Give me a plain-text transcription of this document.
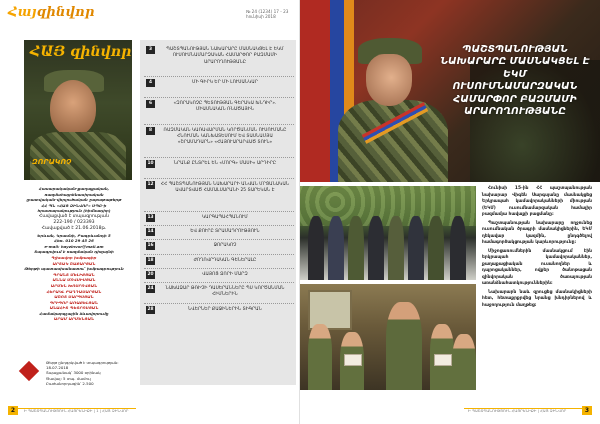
Հայզինվոր	№ 24 (1234) 17 - 23 հունիսի 2018
ՀԱՅ զինվոր
ԶՈՐԱԿՈՉ

Հասարակական-քաղաքական, ռազմահայրենասիրական

լրատվական-վերլուծական շաբաթաթերթ

ՀՀ ՊՆ «ՀԱՅ ԶԻՆՎՈՐ» ՍՊԸ-ի

հրատարակություն (հիմնադիր)

Հավաքված է տպագրության

222-190 / 023393

Հավաքված է 21.06.2018թ.

Երևան, Կրասնի, Բագրևանդի 5

Հեռ. 010 29 45 26

e-mail: hayzinvor@mail.am

Տպագրվում է ռազմական դիզայնի

Գլխավոր խմբագիր

ԱՐՏԱԿ ՇԱՔԱՐՅԱՆ

Թերթի պատասխանատու՝ խմբագրություն

ԳՐԱՆՏ ՄԵԼԻՔՅԱՆ

ԱՆՆԱ ՄՈՎՍԻՍՅԱՆ

ԱՐՄԵՆ ԽՈՍՐՈՎՅԱՆ

ՀԵՐԱԿԼ ԲԱՂԴԱՍԱՐՅԱՆ

ԱՇՈՏ ՍԱՐԳՍՅԱՆ

ԳՐԻԳՈՐ ԱՌԱՔԵԼՅԱՆ

ԱՆԱՀԻՏ ՊԵՏՐՈՍՅԱՆ

Համակարգչային ձևավորումը

ԱՐԱՄ ԱՐՄԵՆՅԱՆ

Թերթ ընդգրկված է տպագրության: 18.07.2018
Տպաքանակ՝ 3000 օրինակ
Ծավալ: 5 տպ. մամուլ
Բաժանորդագին՝ 2.500
3	ՊԱՇՏՊԱՆՈՒԹՅԱՆ ՆԱԽԱՐԱՐԸ ՄԱՍՆԱԿՑԵԼ Է ԵԿՄ ՈՒՍՈՒՄՆԱՄԱՐԶԱԿԱՆ ՀԱՄԱՐՓՈՐ ԲԱԶՄԱՄԻ ԱՐԱՐՈՂՈՒԹՅԱՆԸ
4	ՄԻ ԳԻՐԿ ԵՐ ՄԻ ԼՈՒՍԱՆԿԱՐ
6	«ԶՈՐԱԿՈՉԸ ՊԵՏՈՒԹՅԱՆ ԳԵՐԱԿԱ ԽՆԴԻՐ». ՄԻԱՍՆԱԿԱՆ ՌՆԱԾԱՅԻՆ
8	ՌԱԶՄԱԿԱՆ ԿԱՌԱՎԱՐՄԱՆ ԿՈՐԾԱՆՄԱՆ ՈՒՍՈՒՄԱՆԸ ՀՆՈՒՄԱՆ ԿԱՆԽԱՏԵՍՈՒՄ ԵՎ ՏԱՍՆԱՄՅԱ «ՇՐԱՄԱԴԱՐՆ» «ՀԱՅՈՒԱՐԱՐՎԱԾ ՏՈՒՆ»
10	ՆՐԱՆՔ ԸՆՏՐԵԼ ԵՆ «ՄՈՐԳ» ՄԱՍԻ» ԱՐԴԻՐԸ
12	ՀՀ ՊԱՇՏՊԱՆՈՒԹՅԱՆ ՆԱԽԱՐԱՐԻ ԱՆՎԱՆ ՄՐՑԱՆԱԿԱՆ ԱՎԱՐՏՎԱԾ ՀԱՄԱԼՍԱՐԱՆԻ 25 ՏԱՐԵԿԱՆ Է
13	ԿԱՐԳԱՊԱՀՊԱՆՈՒՄ
14	ԵՎ ՔՈՒՐԸ ՏՐԱՄԱԴՐՈՒԹՅՈՒՆ
16	ՋՈՐԱԿՈՉ
18	ԺՈՂՈՎՐԴԱԿԱՆ ԳԵՆԵՐԱԼԸ
20	ՎԱՅՈՑ ՁՈՐԻ ՄԱՐԶ
24	ՆԱԽԱՁԱՐ ԹՌԻՉԻ ԴԱՍԵՐԱՆՆԵՐԸ ՊՍ ԿՈՐԾԱՆՄԱՆ ՀԻՄՆԵՐԻՆ
28	ՆՎԵՐՆԵՐ ՔԱՋԻՆԵՐԻՆ ՏԻԳՐԱՆ
2	Ի ՊԱՇՏՊԱՆՈՒԹՅՈՒՆ ՀԱՅՐԵՆԻՔԻ | 1 | ՀԱՅ ԶԻՆՎՈՐ
ՊԱՇՏՊԱՆՈՒԹՅԱՆ ՆԱԽԱՐԱՐԸ ՄԱՍՆԱԿՑԵԼ Է ԵԿՄ ՈՒՍՈՒՄՆԱՄԱՐԶԱԿԱՆ ՀԱՄԱՐՓՈՐ ԲԱԶՄԱՄԻ ԱՐԱՐՈՂՈՒԹՅԱՆԸ

Հունիսի 15-ին ՀՀ պաշտպանության նախարար Վիգեն Սարգսյանը մասնակցեց Երկրապահ կամավորականների միության (ԵԿՄ) ուսումնամարզական համալիր բազմամյա հավաքի բացմանը:

Պաշտպանության նախարարը ողջունեց ուսումնական ծրագրի մասնակիցներին, ԵԿՄ ղեկավար կազմին, ընդգծելով համագործակցության կարևորությունը:

Միջոցառումներին մասնակցում էին երկրապահ կամավորականներ, քաղաքացիական ուսանողներ և դպրոցականներ, ովքեր ծանոթացան զինվորական ծառայության առանձնահատկություններին:

Նախարարն նաև զրուցեց մասնակիցների հետ, հետաքրքրվեց նրանց խնդիրներով և հաջողություն մաղթեց:

Ի ՊԱՇՏՊԱՆՈՒԹՅՈՒՆ ՀԱՅՐԵՆԻՔԻ | ՀԱՅ ԶԻՆՎՈՐ	3
